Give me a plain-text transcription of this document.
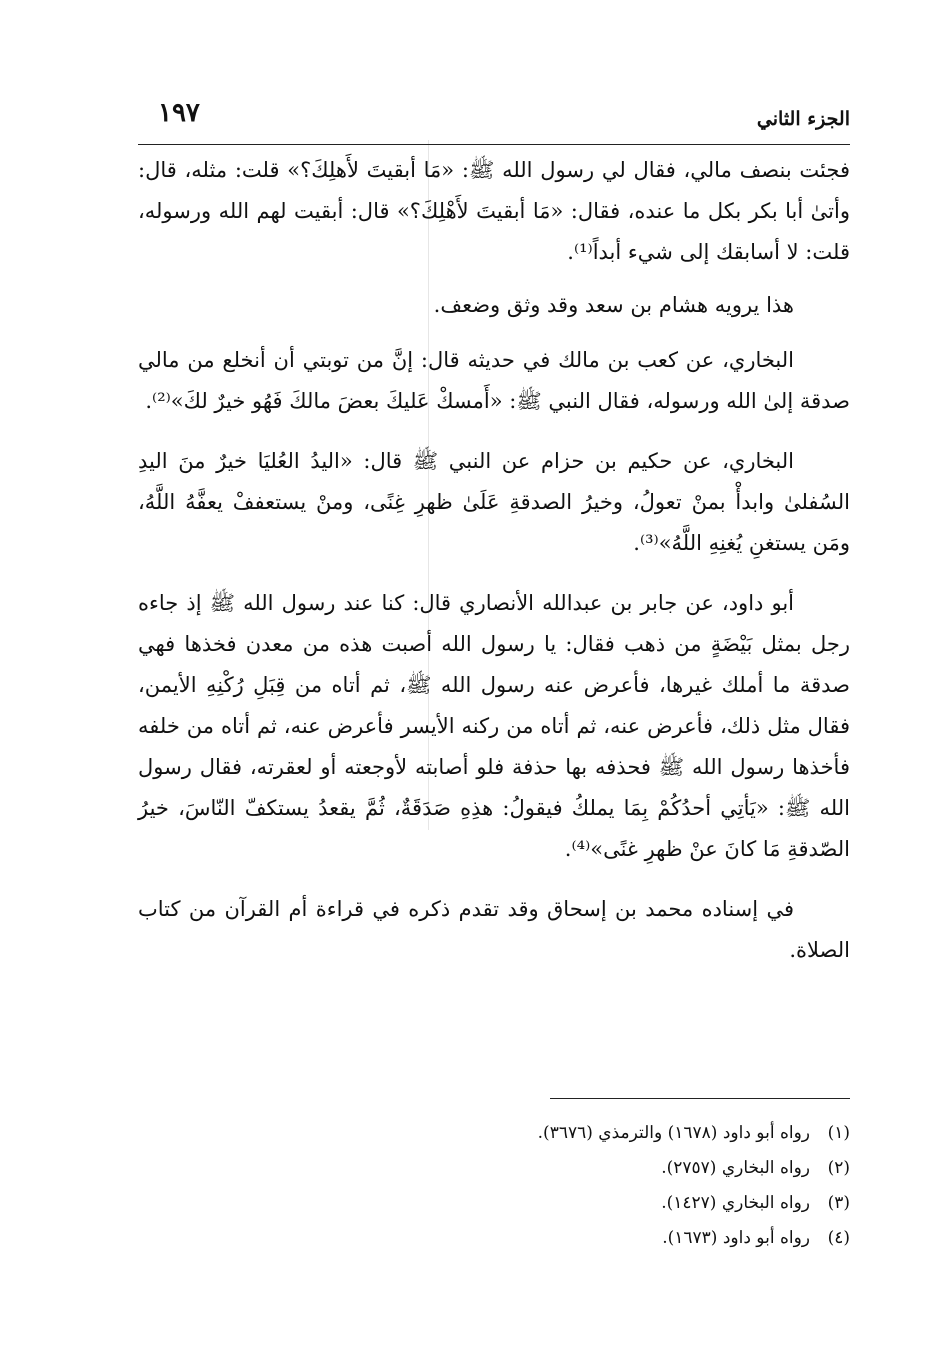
الجزء الثاني
١٩٧

فجئت بنصف مالي، فقال لي رسول الله ﷺ: «مَا أبقيتَ لأَهلِكَ؟» قلت: مثله، قال: وأتىٰ أبا بكر بكل ما عنده، فقال: «مَا أبقيتَ لأَهْلِكَ؟» قال: أبقيت لهم الله ورسوله، قلت: لا أسابقك إلى شيء أبداً⁽¹⁾.

هذا يرويه هشام بن سعد وقد وثق وضعف.

البخاري، عن كعب بن مالك في حديثه قال: إنَّ من توبتي أن أنخلع من مالي صدقة إلىٰ الله ورسوله، فقال النبي ﷺ: «أَمسكْ عَليكَ بعضَ مالكَ فَهُو خيرٌ لكَ»⁽²⁾.

البخاري، عن حكيم بن حزام عن النبي ﷺ قال: «اليدُ العُليَا خيرٌ منَ اليدِ السُفلىٰ وابدأْ بمنْ تعولُ، وخيرُ الصدقةِ عَلَىٰ ظهرِ غِنًى، ومنْ يستعففْ يعفَّهُ اللَّهُ، ومَن يستغنِ يُغنِهِ اللَّهُ»⁽³⁾.

أبو داود، عن جابر بن عبدالله الأنصاري قال: كنا عند رسول الله ﷺ إذ جاءه رجل بمثل بَيْضَةٍ من ذهب فقال: يا رسول الله أصبت هذه من معدن فخذها فهي صدقة ما أملك غيرها، فأعرض عنه رسول الله ﷺ، ثم أتاه من قِبَلِ رُكْنِهِ الأيمن، فقال مثل ذلك، فأعرض عنه، ثم أتاه من ركنه الأيسر فأعرض عنه، ثم أتاه من خلفه فأخذها رسول الله ﷺ فحذفه بها حذفة فلو أصابته لأوجعته أو لعقرته، فقال رسول الله ﷺ: «يَأتِي أحدُكُمْ بِمَا يملكُ فيقولُ: هذِهِ صَدَقَةٌ، ثُمَّ يقعدُ يستكفّ النّاسَ، خيرُ الصّدقةِ مَا كانَ عنْ ظهرِ غنًى»⁽⁴⁾.

في إسناده محمد بن إسحاق وقد تقدم ذكره في قراءة أم القرآن من كتاب الصلاة.

(١)
رواه أبو داود (١٦٧٨) والترمذي (٣٦٧٦).
(٢)
رواه البخاري (٢٧٥٧).
(٣)
رواه البخاري (١٤٢٧).
(٤)
رواه أبو داود (١٦٧٣).
